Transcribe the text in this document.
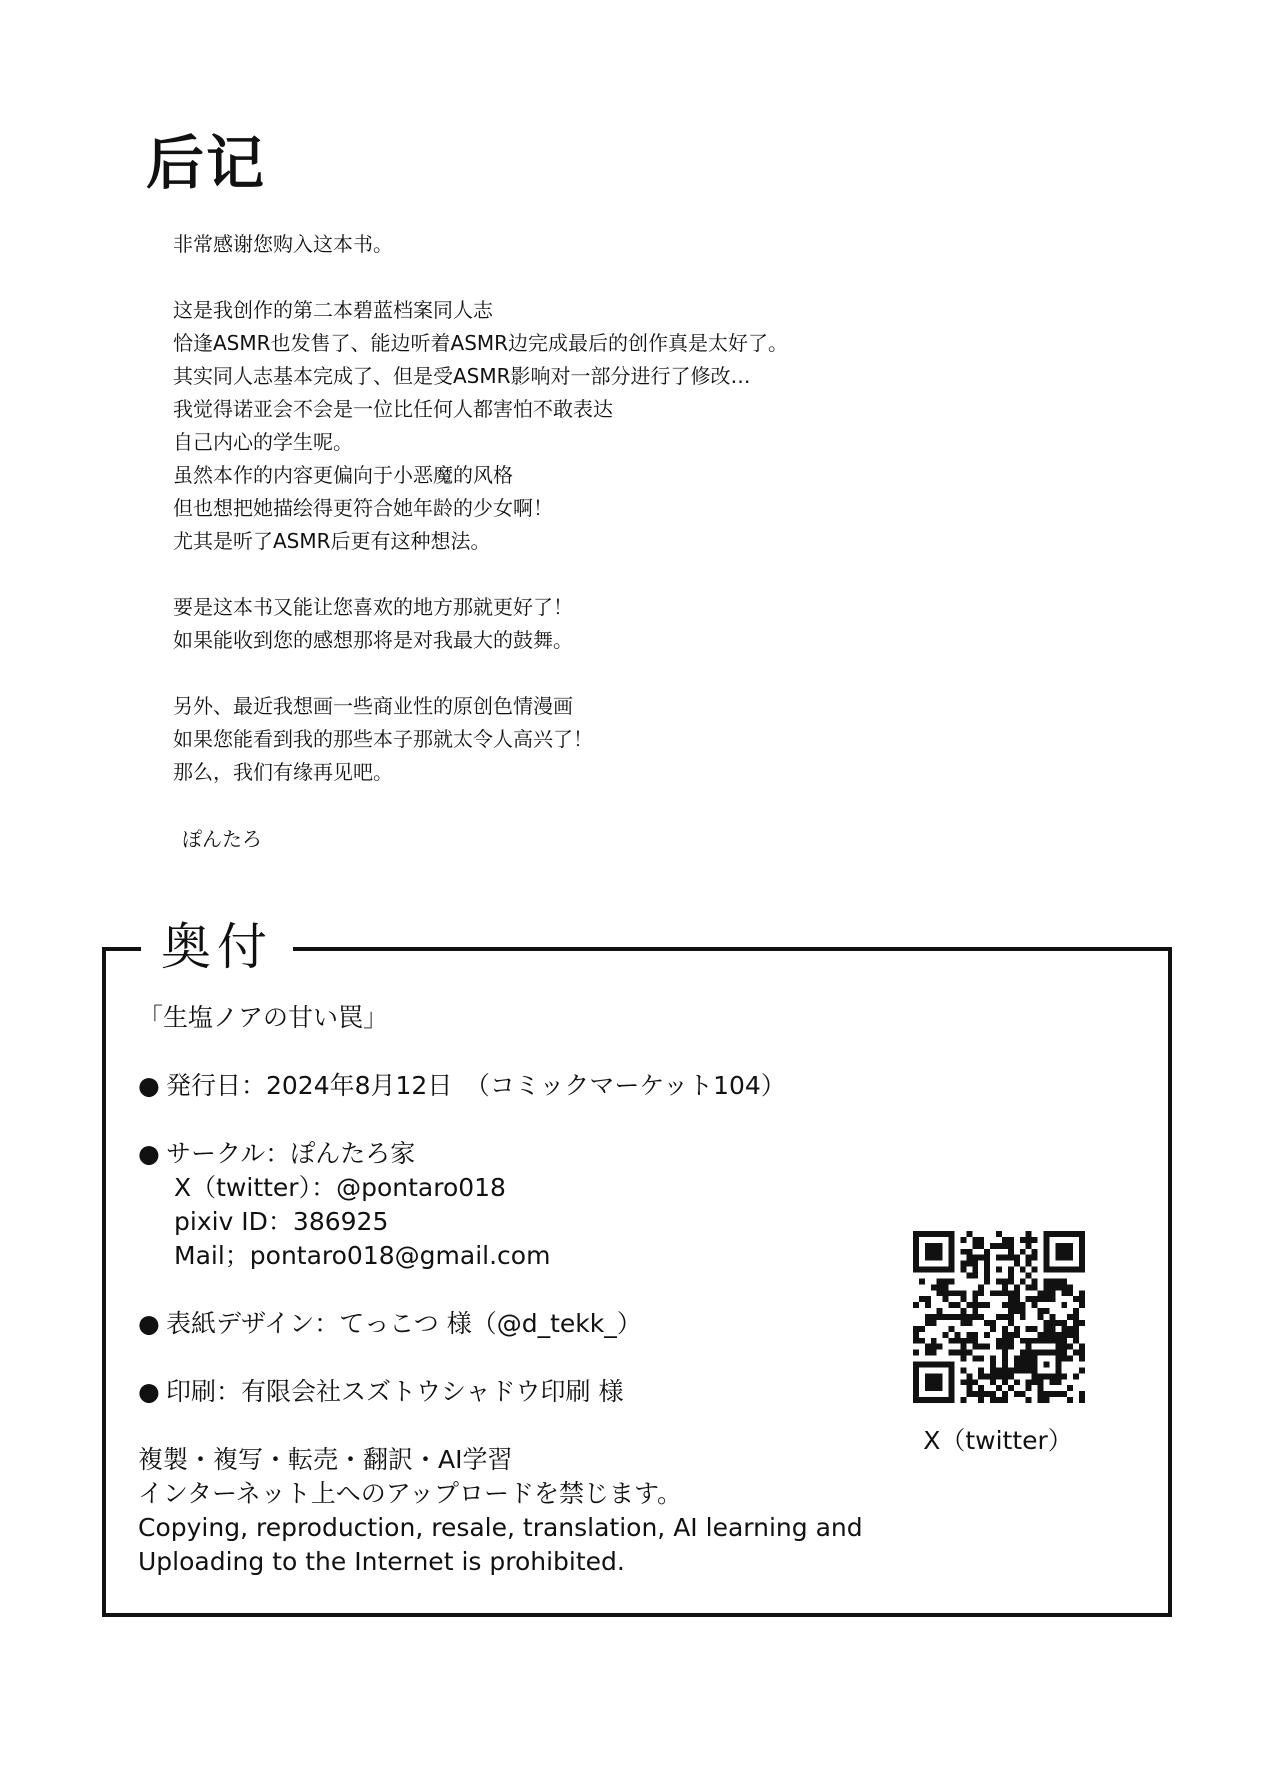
后记
非常感谢您购入这本书。
这是我创作的第二本碧蓝档案同人志
恰逢ASMR也发售了、能边听着ASMR边完成最后的创作真是太好了。
其实同人志基本完成了、但是受ASMR影响对一部分进行了修改…
我觉得诺亚会不会是一位比任何人都害怕不敢表达
自己内心的学生呢。
虽然本作的内容更偏向于小恶魔的风格
但也想把她描绘得更符合她年龄的少女啊！
尤其是听了ASMR后更有这种想法。
要是这本书又能让您喜欢的地方那就更好了！
如果能收到您的感想那将是对我最大的鼓舞。
另外、最近我想画一些商业性的原创色情漫画
如果您能看到我的那些本子那就太令人高兴了！
那么，我们有缘再见吧。
ぽんたろ
奥付
「生塩ノアの甘い罠」
● 発行日：2024年8月12日　（コミックマーケット104）
● サークル：ぽんたろ家
X（twitter）：@pontaro018
pixiv ID：386925
Mail；pontaro018@gmail.com
● 表紙デザイン：てっこつ 様（@d_tekk_）
● 印刷：有限会社スズトウシャドウ印刷 様
複製・複写・転売・翻訳・AI学習
インターネット上へのアップロードを禁じます。
Copying, reproduction, resale, translation, AI learning and
Uploading to the Internet is prohibited.
X（twitter）
